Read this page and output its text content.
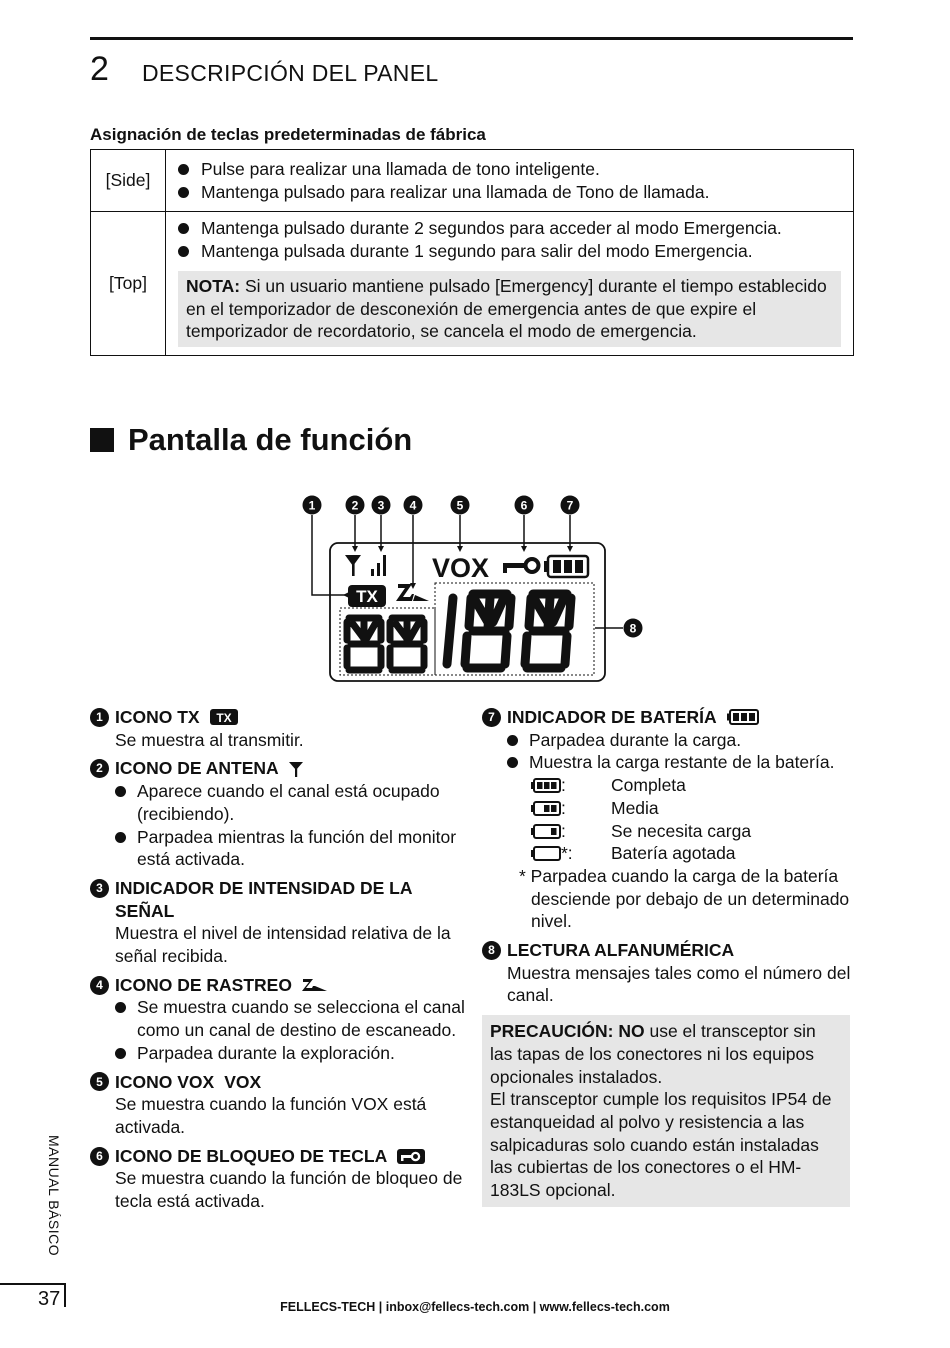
2 DESCRIPCIÓN DEL PANEL
Asignación de teclas predeterminadas de fábrica
[Side]	Pulse para realizar una llamada de tono inteligente.
Mantenga pulsado para realizar una llamada de Tono de llamada.

[Top]	Mantenga pulsado durante 2 segundos para acceder al modo Emergencia.
Mantenga pulsada durante 1 segundo para salir del modo Emergencia.
NOTA: Si un usuario mantiene pulsado [Emergency] durante el tiempo establecido en el temporizador de desconexión de emergencia antes de que expire el temporizador de recordatorio, se cancela el modo de emergencia.
Pantalla de función
1	2 3 4	5	6	7
8
VOX
TX
1 ICONO TX TX
Se muestra al transmitir.
2 ICONO DE ANTENA
Aparece cuando el canal está ocupado (recibiendo).
Parpadea mientras la función del monitor está activada.
3 INDICADOR DE INTENSIDAD DE LA SEÑAL
Muestra el nivel de intensidad relativa de la señal recibida.
4 ICONO DE RASTREO
Se muestra cuando se selecciona el canal como un canal de destino de escaneado.
Parpadea durante la exploración.
5 ICONO VOX VOX
Se muestra cuando la función VOX está activada.
6 ICONO DE BLOQUEO DE TECLA
Se muestra cuando la función de bloqueo de tecla está activada.
7 INDICADOR DE BATERÍA
Parpadea durante la carga.
Muestra la carga restante de la batería.
:	Completa
:	Media
:	Se necesita carga
*:	Batería agotada
* Parpadea cuando la carga de la batería desciende por debajo de un determinado nivel.
8 LECTURA ALFANUMÉRICA
Muestra mensajes tales como el número del canal.
PRECAUCIÓN: NO use el transceptor sin las tapas de los conectores ni los equipos opcionales instalados.
El transceptor cumple los requisitos IP54 de estanqueidad al polvo y resistencia a las salpicaduras solo cuando están instaladas las cubiertas de los conectores o el HM-183LS opcional.
MANUAL BÁSICO
37	FELLECS-TECH | inbox@fellecs-tech.com | www.fellecs-tech.com
